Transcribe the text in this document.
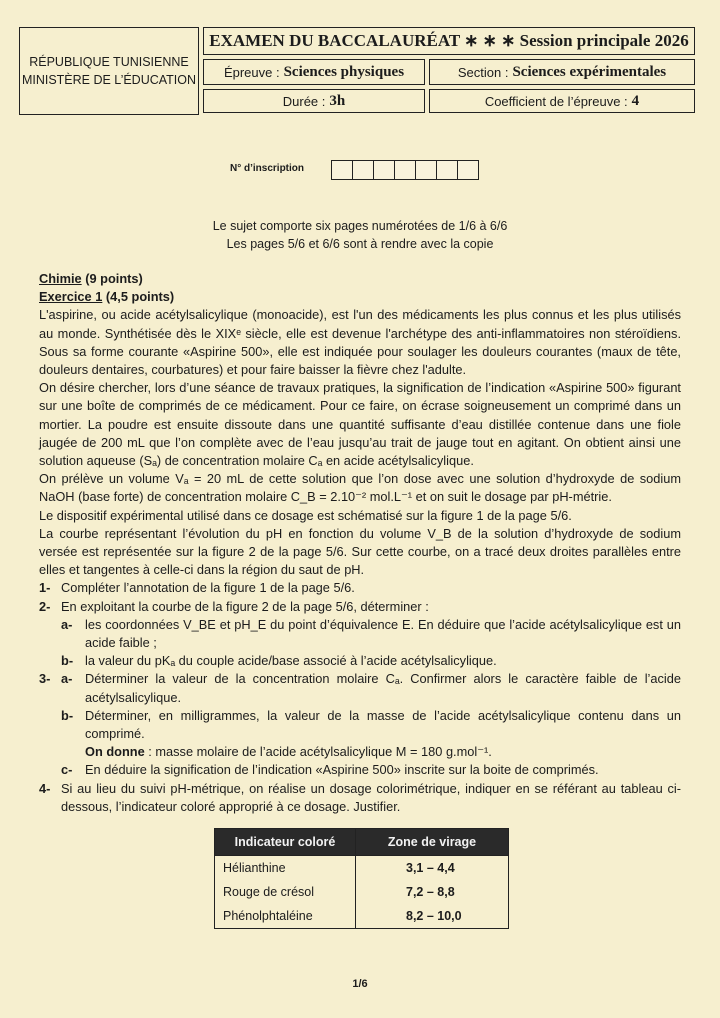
RÉPUBLIQUE TUNISIENNE
MINISTÈRE DE L’ÉDUCATION
EXAMEN DU BACCALAURÉAT ∗ ∗ ∗ Session principale 2026
Épreuve : Sciences physiques	Section : Sciences expérimentales
Durée : 3h	Coefficient de l’épreuve : 4
N° d’inscription
Le sujet comporte six pages numérotées de 1/6 à 6/6
Les pages 5/6 et 6/6 sont à rendre avec la copie

Chimie (9 points)

Exercice 1 (4,5 points)

L'aspirine, ou acide acétylsalicylique (monoacide), est l'un des médicaments les plus connus et les plus utilisés au monde. Synthétisée dès le XIXᵉ siècle, elle est devenue l'archétype des anti-inflammatoires non stéroïdiens. Sous sa forme courante «Aspirine 500», elle est indiquée pour soulager les douleurs courantes (maux de tête, douleurs dentaires, courbatures) et pour faire baisser la fièvre chez l'adulte.

On désire chercher, lors d’une séance de travaux pratiques, la signification de l’indication «Aspirine 500» figurant sur une boîte de comprimés de ce médicament. Pour ce faire, on écrase soigneusement un comprimé dans un mortier. La poudre est ensuite dissoute dans une quantité suffisante d’eau distillée contenue dans une fiole jaugée de 200 mL que l’on complète avec de l’eau jusqu’au trait de jauge tout en agitant. On obtient ainsi une solution aqueuse (Sₐ) de concentration molaire Cₐ en acide acétylsalicylique.

On prélève un volume Vₐ = 20 mL de cette solution que l’on dose avec une solution d’hydroxyde de sodium NaOH (base forte) de concentration molaire C_B = 2.10⁻² mol.L⁻¹ et on suit le dosage par pH-métrie.

Le dispositif expérimental utilisé dans ce dosage est schématisé sur la figure 1 de la page 5/6.

La courbe représentant l’évolution du pH en fonction du volume V_B de la solution d’hydroxyde de sodium versée est représentée sur la figure 2 de la page 5/6. Sur cette courbe, on a tracé deux droites parallèles entre elles et tangentes à celle-ci dans la région du saut de pH.

1- Compléter l’annotation de la figure 1 de la page 5/6.
2- En exploitant la courbe de la figure 2 de la page 5/6, déterminer :
a- les coordonnées V_BE et pH_E du point d’équivalence E. En déduire que l’acide acétylsalicylique est un acide faible ;
b- la valeur du pKₐ du couple acide/base associé à l’acide acétylsalicylique.
3- a- Déterminer la valeur de la concentration molaire Cₐ. Confirmer alors le caractère faible de l’acide acétylsalicylique.
b- Déterminer, en milligrammes, la valeur de la masse de l’acide acétylsalicylique contenu dans un comprimé.

On donne : masse molaire de l’acide acétylsalicylique M = 180 g.mol⁻¹.

c- En déduire la signification de l’indication «Aspirine 500» inscrite sur la boite de comprimés.
4- Si au lieu du suivi pH-métrique, on réalise un dosage colorimétrique, indiquer en se référant au tableau ci-dessous, l’indicateur coloré approprié à ce dosage. Justifier.
Indicateur coloré	Zone de virage
Hélianthine	3,1 – 4,4
Rouge de crésol	7,2 – 8,8
Phénolphtaléine	8,2 – 10,0
1/6
